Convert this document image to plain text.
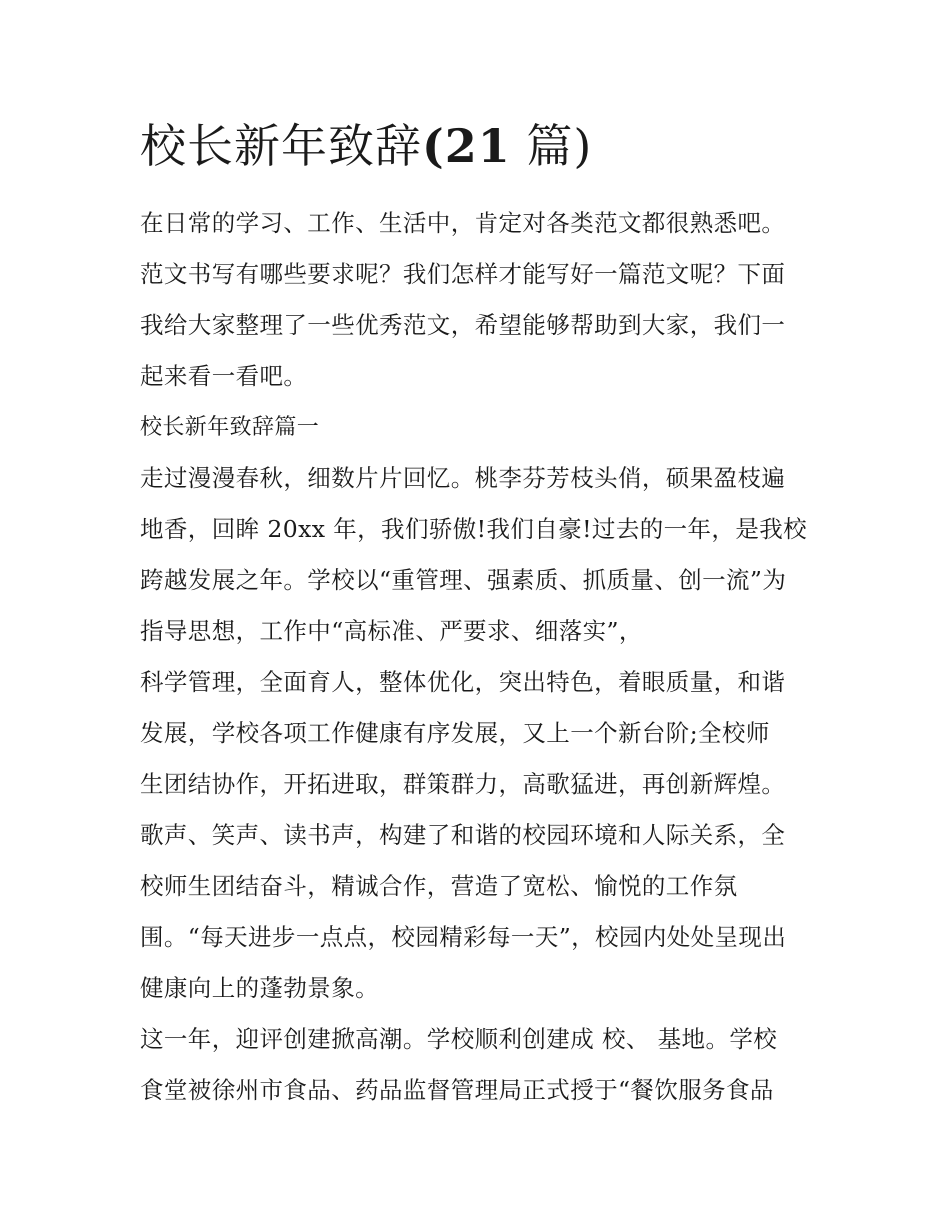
校长新年致辞(21 篇)
在日常的学习、工作、生活中，肯定对各类范文都很熟悉吧。
范文书写有哪些要求呢？我们怎样才能写好一篇范文呢？下面
我给大家整理了一些优秀范文，希望能够帮助到大家，我们一
起来看一看吧。
校长新年致辞篇一
走过漫漫春秋，细数片片回忆。桃李芬芳枝头俏，硕果盈枝遍
地香，回眸 20xx 年，我们骄傲!我们自豪!过去的一年，是我校
跨越发展之年。学校以“重管理、强素质、抓质量、创一流”为
指导思想，工作中“高标准、严要求、细落实”，
科学管理，全面育人，整体优化，突出特色，着眼质量，和谐
发展，学校各项工作健康有序发展，又上一个新台阶;全校师
生团结协作，开拓进取，群策群力，高歌猛进，再创新辉煌。
歌声、笑声、读书声，构建了和谐的校园环境和人际关系，全
校师生团结奋斗，精诚合作，营造了宽松、愉悦的工作氛
围。“每天进步一点点，校园精彩每一天”，校园内处处呈现出
健康向上的蓬勃景象。
这一年，迎评创建掀高潮。学校顺利创建成 校、 基地。学校
食堂被徐州市食品、药品监督管理局正式授于“餐饮服务食品
